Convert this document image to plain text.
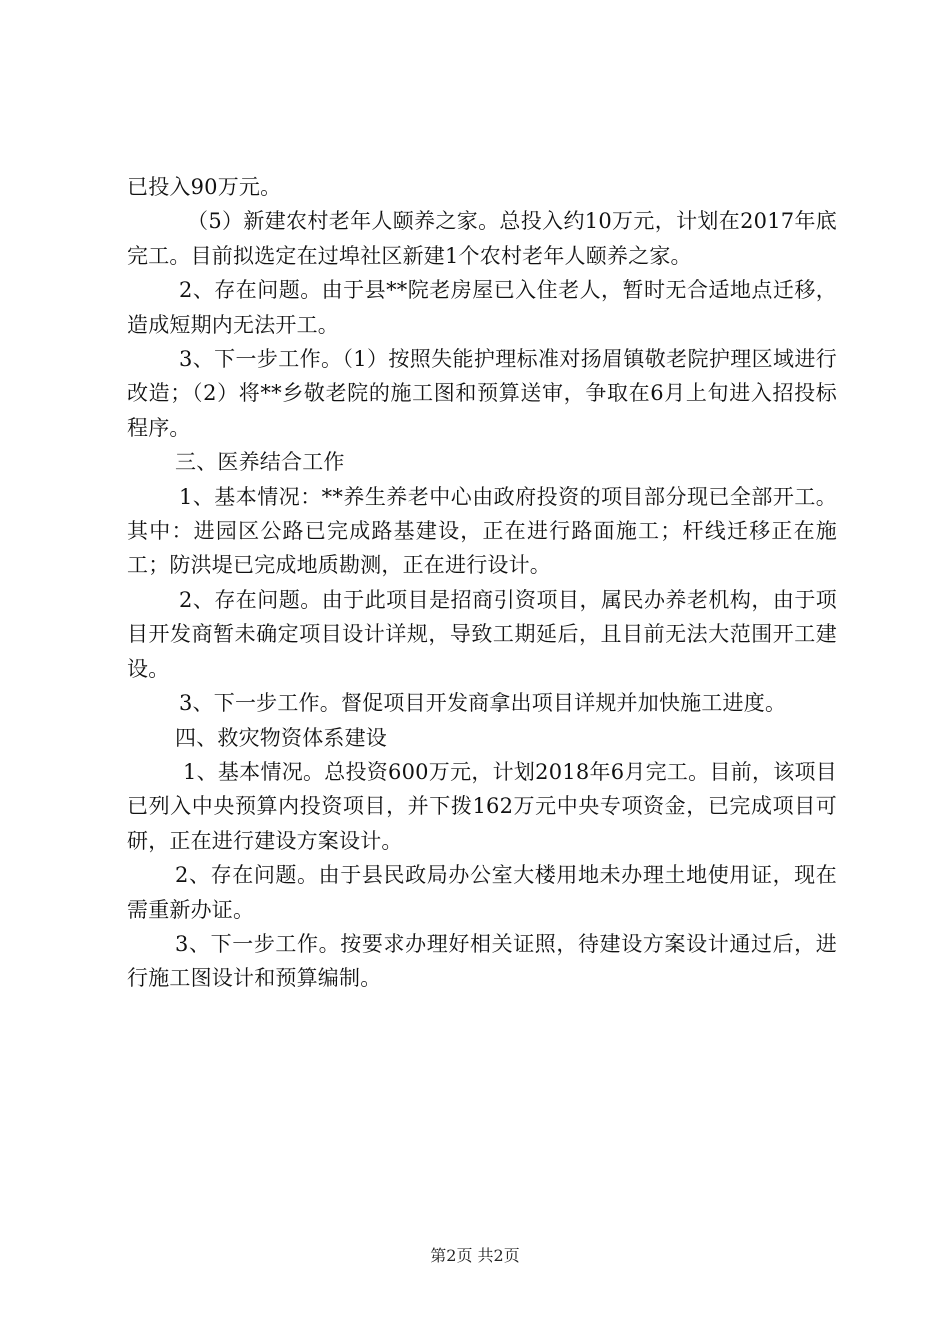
已投入90万元。

（5）新建农村老年人颐养之家。总投入约10万元，计划在2017年底完工。目前拟选定在过埠社区新建1个农村老年人颐养之家。

2、存在问题。由于县**院老房屋已入住老人，暂时无合适地点迁移，造成短期内无法开工。

3、下一步工作。（1）按照失能护理标准对扬眉镇敬老院护理区域进行改造；（2）将**乡敬老院的施工图和预算送审，争取在6月上旬进入招投标程序。

三、医养结合工作

1、基本情况：**养生养老中心由政府投资的项目部分现已全部开工。其中：进园区公路已完成路基建设，正在进行路面施工；杆线迁移正在施工；防洪堤已完成地质勘测，正在进行设计。

2、存在问题。由于此项目是招商引资项目，属民办养老机构，由于项目开发商暂未确定项目设计详规，导致工期延后，且目前无法大范围开工建设。

3、下一步工作。督促项目开发商拿出项目详规并加快施工进度。

四、救灾物资体系建设

1、基本情况。总投资600万元，计划2018年6月完工。目前，该项目已列入中央预算内投资项目，并下拨162万元中央专项资金，已完成项目可研，正在进行建设方案设计。

2、存在问题。由于县民政局办公室大楼用地未办理土地使用证，现在需重新办证。

3、下一步工作。按要求办理好相关证照，待建设方案设计通过后，进行施工图设计和预算编制。

第2页 共2页
